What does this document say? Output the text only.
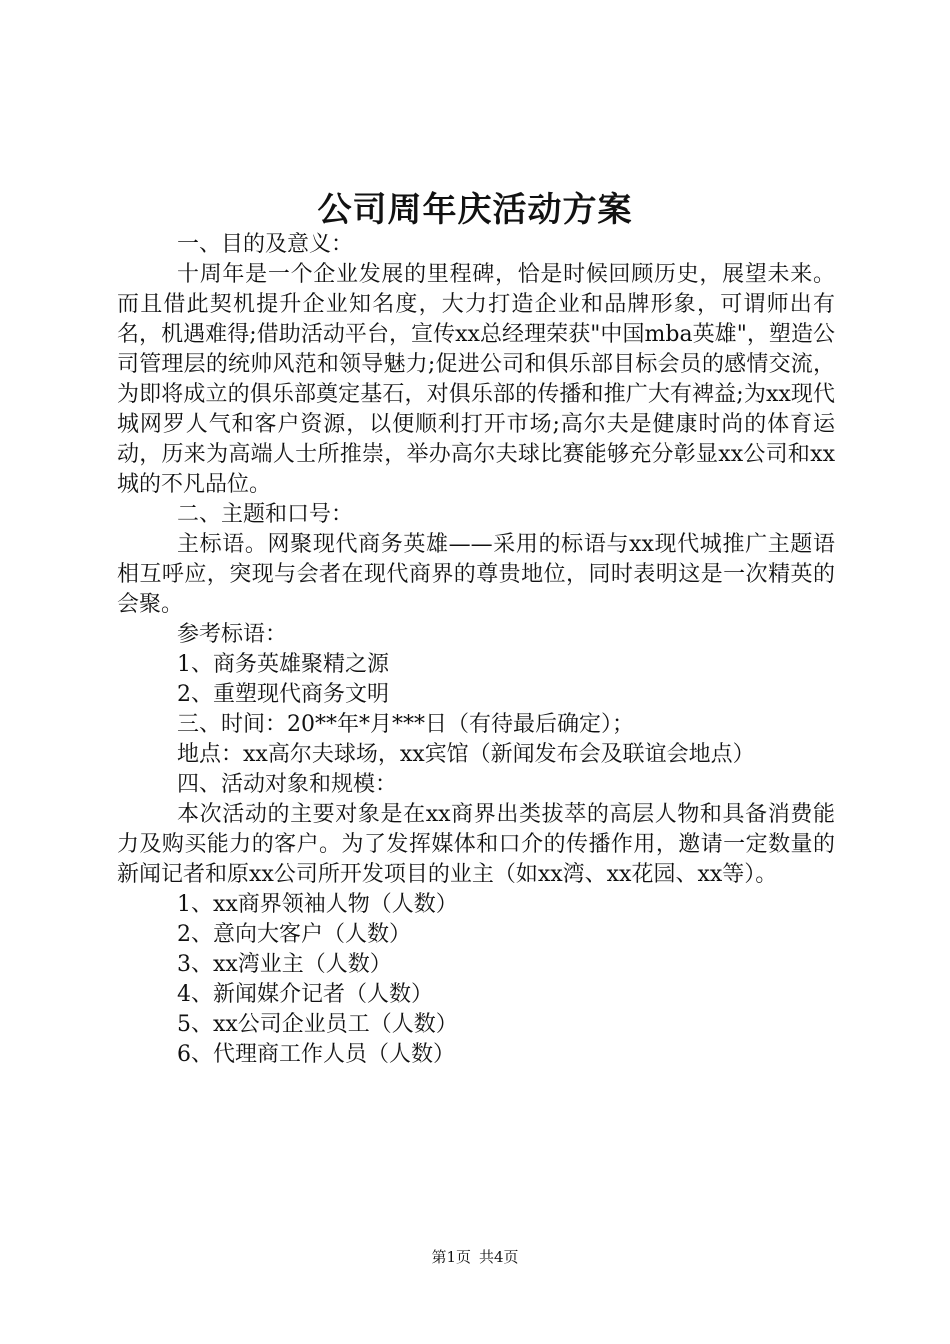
公司周年庆活动方案

一、目的及意义：

十周年是一个企业发展的里程碑，恰是时候回顾历史，展望未来。而且借此契机提升企业知名度，大力打造企业和品牌形象，可谓师出有名，机遇难得;借助活动平台，宣传xx总经理荣获"中国mba英雄"，塑造公司管理层的统帅风范和领导魅力;促进公司和俱乐部目标会员的感情交流，为即将成立的俱乐部奠定基石，对俱乐部的传播和推广大有裨益;为xx现代城网罗人气和客户资源，以便顺利打开市场;高尔夫是健康时尚的体育运动，历来为高端人士所推崇，举办高尔夫球比赛能够充分彰显xx公司和xx城的不凡品位。

二、主题和口号：

主标语。网聚现代商务英雄——采用的标语与xx现代城推广主题语相互呼应，突现与会者在现代商界的尊贵地位，同时表明这是一次精英的会聚。

参考标语：

1、商务英雄聚精之源

2、重塑现代商务文明

三、时间：20**年*月***日（有待最后确定）；

地点：xx高尔夫球场，xx宾馆（新闻发布会及联谊会地点）

四、活动对象和规模：

本次活动的主要对象是在xx商界出类拔萃的高层人物和具备消费能力及购买能力的客户。为了发挥媒体和口介的传播作用，邀请一定数量的新闻记者和原xx公司所开发项目的业主（如xx湾、xx花园、xx等）。

1、xx商界领袖人物（人数）

2、意向大客户（人数）

3、xx湾业主（人数）

4、新闻媒介记者（人数）

5、xx公司企业员工（人数）

6、代理商工作人员（人数）

第1页 共4页
